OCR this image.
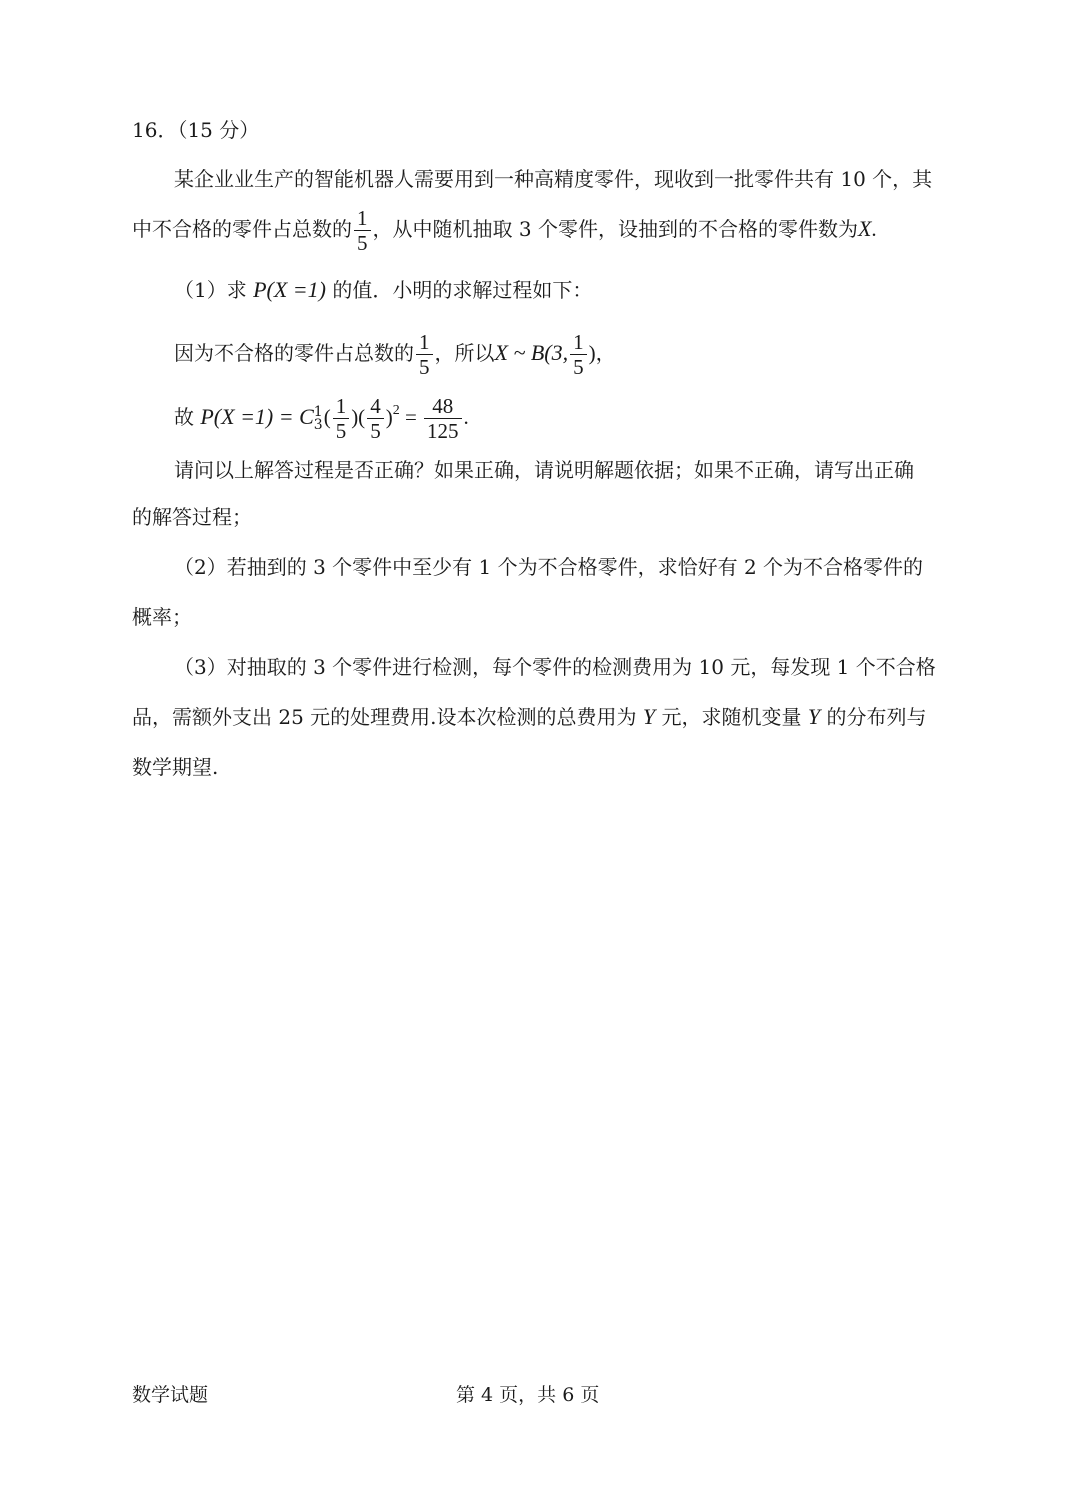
16．（15 分）
某企业业生产的智能机器人需要用到一种高精度零件，现收到一批零件共有 10 个，其
中不合格的零件占总数的 $\frac{1}{5}$ ，从中随机抽取 3 个零件，设抽到的不合格的零件数为X.
（1）求 P(X =1) 的值．小明的求解过程如下：
因为不合格的零件占总数的 $\frac{1}{5}$ ，所以X ~ B(3, $\frac{1}{5}$ )，
故 P(X =1) = C 1
3 ( $\frac{1}{5}$ )( $\frac{4}{5} )^2 = \frac{48}{125}$ .
请问以上解答过程是否正确？如果正确，请说明解题依据；如果不正确，请写出正确
的解答过程；
（2）若抽到的 3 个零件中至少有 1 个为不合格零件，求恰好有 2 个为不合格零件的
概率；
（3）对抽取的 3 个零件进行检测，每个零件的检测费用为 10 元，每发现 1 个不合格
品，需额外支出 25 元的处理费用.设本次检测的总费用为 Y 元，求随机变量 Y 的分布列与
数学期望.
数学试题	第 4 页，共 6 页
